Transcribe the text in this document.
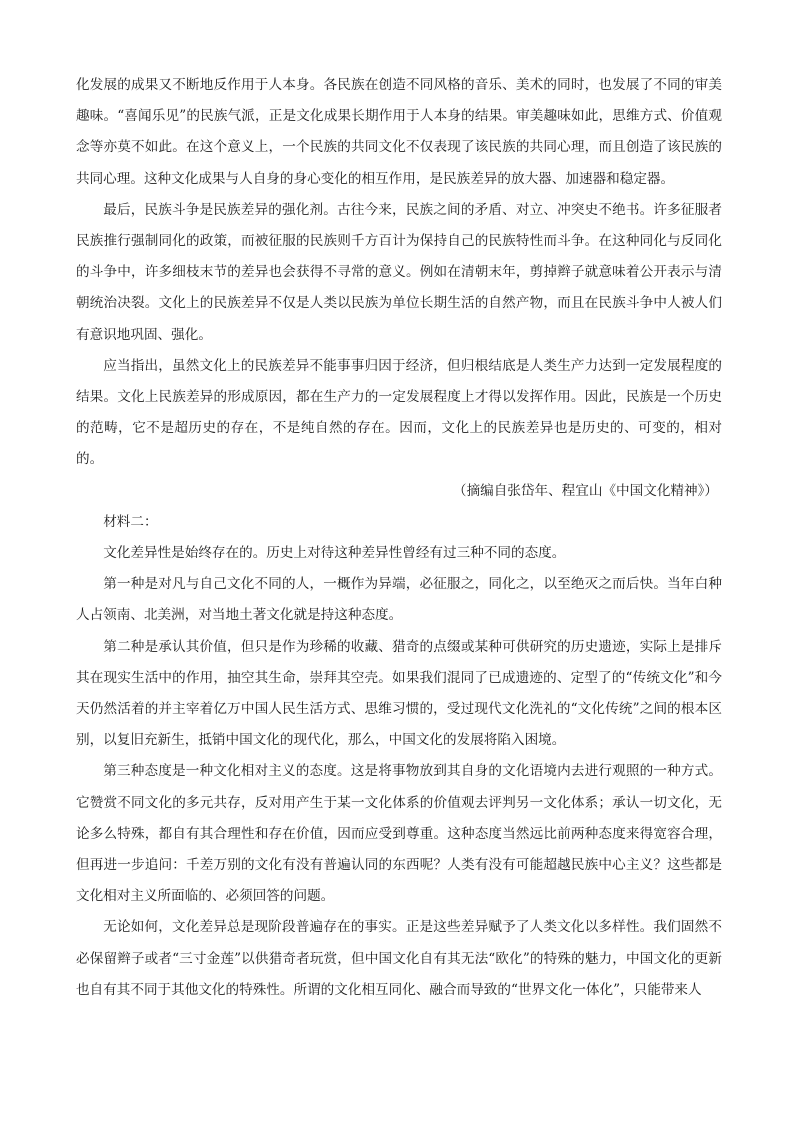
化发展的成果又不断地反作用于人本身。各民族在创造不同风格的音乐、美术的同时，也发展了不同的审美趣味。“喜闻乐见”的民族气派，正是文化成果长期作用于人本身的结果。审美趣味如此，思维方式、价值观念等亦莫不如此。在这个意义上，一个民族的共同文化不仅表现了该民族的共同心理，而且创造了该民族的共同心理。这种文化成果与人自身的身心变化的相互作用，是民族差异的放大器、加速器和稳定器。

最后，民族斗争是民族差异的强化剂。古往今来，民族之间的矛盾、对立、冲突史不绝书。许多征服者民族推行强制同化的政策，而被征服的民族则千方百计为保持自己的民族特性而斗争。在这种同化与反同化的斗争中，许多细枝末节的差异也会获得不寻常的意义。例如在清朝末年，剪掉辫子就意味着公开表示与清朝统治决裂。文化上的民族差异不仅是人类以民族为单位长期生活的自然产物，而且在民族斗争中人被人们有意识地巩固、强化。

应当指出，虽然文化上的民族差异不能事事归因于经济，但归根结底是人类生产力达到一定发展程度的结果。文化上民族差异的形成原因，都在生产力的一定发展程度上才得以发挥作用。因此，民族是一个历史的范畴，它不是超历史的存在，不是纯自然的存在。因而，文化上的民族差异也是历史的、可变的，相对的。

（摘编自张岱年、程宜山《中国文化精神》）

材料二：

文化差异性是始终存在的。历史上对待这种差异性曾经有过三种不同的态度。

第一种是对凡与自己文化不同的人，一概作为异端，必征服之，同化之，以至绝灭之而后快。当年白种人占领南、北美洲，对当地土著文化就是持这种态度。

第二种是承认其价值，但只是作为珍稀的收藏、猎奇的点缀或某种可供研究的历史遗迹，实际上是排斥其在现实生活中的作用，抽空其生命，崇拜其空壳。如果我们混同了已成遗迹的、定型了的“传统文化”和今天仍然活着的并主宰着亿万中国人民生活方式、思维习惯的，受过现代文化洗礼的“文化传统”之间的根本区别，以复旧充新生，抵销中国文化的现代化，那么，中国文化的发展将陷入困境。

第三种态度是一种文化相对主义的态度。这是将事物放到其自身的文化语境内去进行观照的一种方式。它赞赏不同文化的多元共存，反对用产生于某一文化体系的价值观去评判另一文化体系；承认一切文化，无论多么特殊，都自有其合理性和存在价值，因而应受到尊重。这种态度当然远比前两种态度来得宽容合理，但再进一步追问：千差万别的文化有没有普遍认同的东西呢？人类有没有可能超越民族中心主义？这些都是文化相对主义所面临的、必须回答的问题。

无论如何，文化差异总是现阶段普遍存在的事实。正是这些差异赋予了人类文化以多样性。我们固然不必保留辫子或者“三寸金莲”以供猎奇者玩赏，但中国文化自有其无法“欧化”的特殊的魅力，中国文化的更新也自有其不同于其他文化的特殊性。所谓的文化相互同化、融合而导致的“世界文化一体化”，只能带来人
